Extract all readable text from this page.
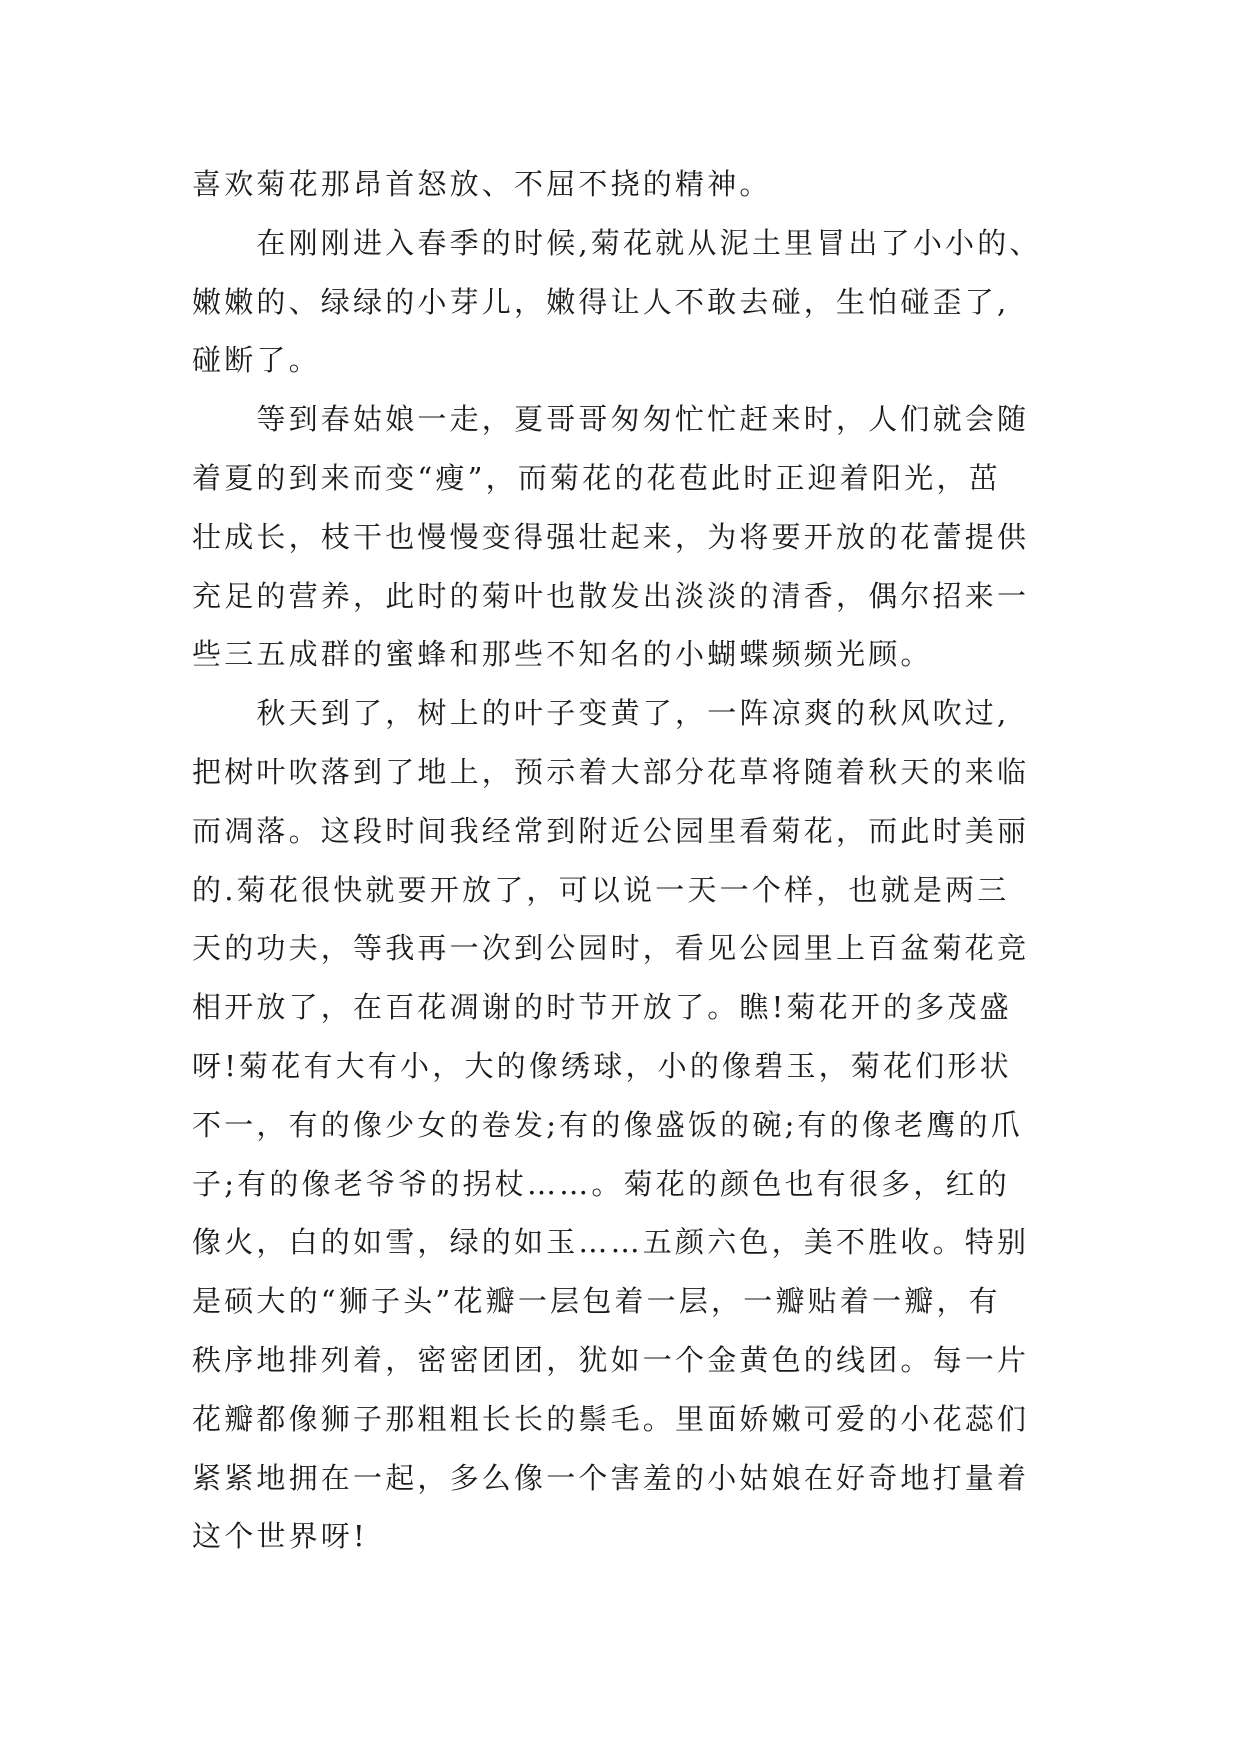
喜欢菊花那昂首怒放、不屈不挠的精神。
　　在刚刚进入春季的时候,菊花就从泥土里冒出了小小的、
嫩嫩的、绿绿的小芽儿，嫩得让人不敢去碰，生怕碰歪了,
碰断了。
　　等到春姑娘一走，夏哥哥匆匆忙忙赶来时，人们就会随
着夏的到来而变“瘦”，而菊花的花苞此时正迎着阳光，茁
壮成长，枝干也慢慢变得强壮起来，为将要开放的花蕾提供
充足的营养，此时的菊叶也散发出淡淡的清香，偶尔招来一
些三五成群的蜜蜂和那些不知名的小蝴蝶频频光顾。
　　秋天到了，树上的叶子变黄了，一阵凉爽的秋风吹过,
把树叶吹落到了地上，预示着大部分花草将随着秋天的来临
而凋落。这段时间我经常到附近公园里看菊花，而此时美丽
的.菊花很快就要开放了，可以说一天一个样，也就是两三
天的功夫，等我再一次到公园时，看见公园里上百盆菊花竞
相开放了，在百花凋谢的时节开放了。瞧!菊花开的多茂盛
呀!菊花有大有小，大的像绣球，小的像碧玉，菊花们形状
不一，有的像少女的卷发;有的像盛饭的碗;有的像老鹰的爪
子;有的像老爷爷的拐杖……。菊花的颜色也有很多，红的
像火，白的如雪，绿的如玉……五颜六色，美不胜收。特别
是硕大的“狮子头”花瓣一层包着一层，一瓣贴着一瓣，有
秩序地排列着，密密团团，犹如一个金黄色的线团。每一片
花瓣都像狮子那粗粗长长的鬃毛。里面娇嫩可爱的小花蕊们
紧紧地拥在一起，多么像一个害羞的小姑娘在好奇地打量着
这个世界呀!
